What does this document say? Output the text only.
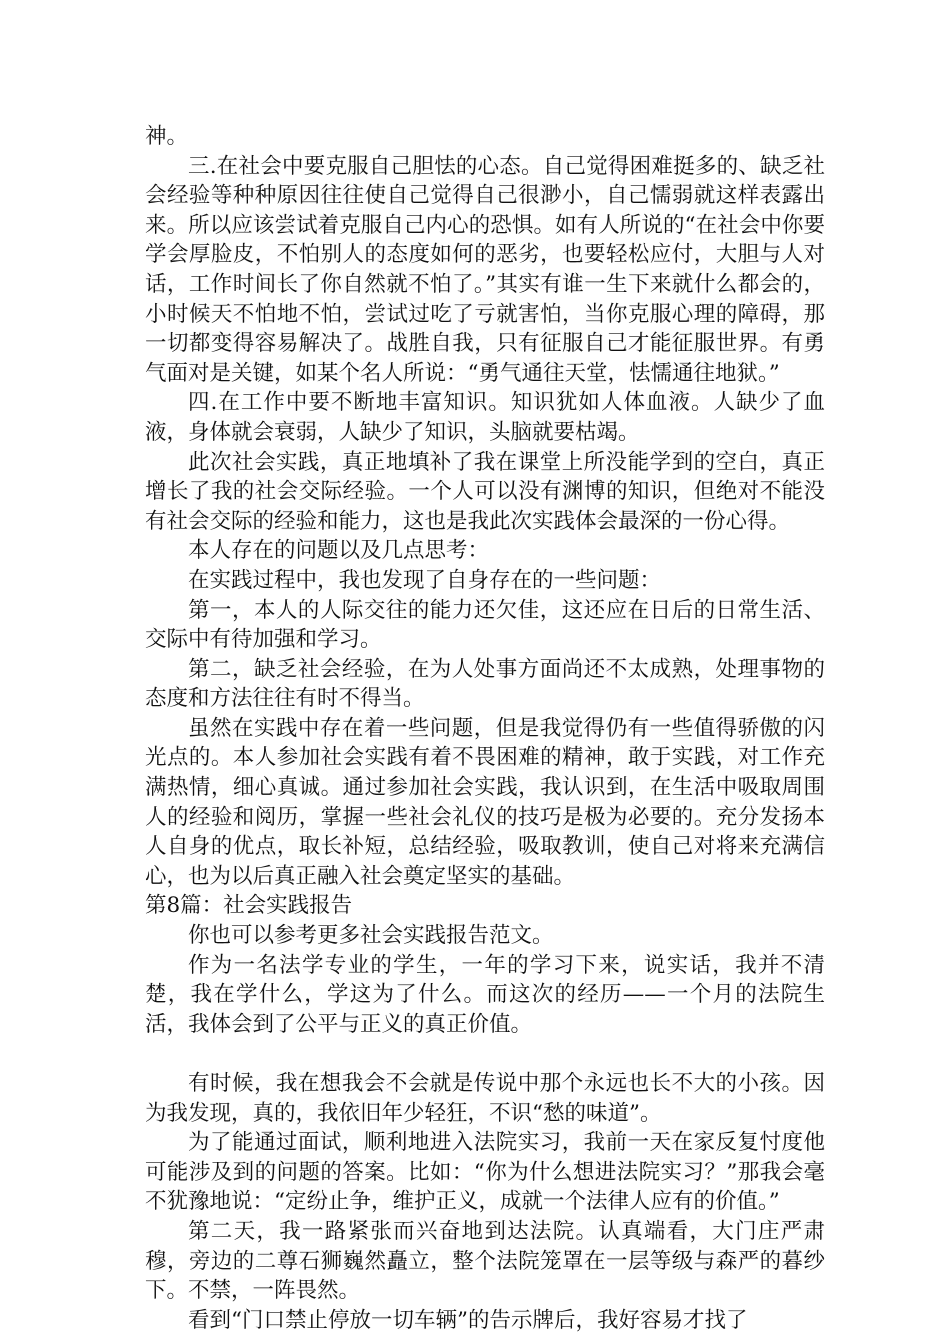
神。

三.在社会中要克服自己胆怯的心态。自己觉得困难挺多的、缺乏社会经验等种种原因往往使自己觉得自己很渺小，自己懦弱就这样表露出来。所以应该尝试着克服自己内心的恐惧。如有人所说的“在社会中你要学会厚脸皮，不怕别人的态度如何的恶劣，也要轻松应付，大胆与人对话，工作时间长了你自然就不怕了。”其实有谁一生下来就什么都会的，小时候天不怕地不怕，尝试过吃了亏就害怕，当你克服心理的障碍，那一切都变得容易解决了。战胜自我，只有征服自己才能征服世界。有勇气面对是关键，如某个名人所说：“勇气通往天堂，怯懦通往地狱。”

四.在工作中要不断地丰富知识。知识犹如人体血液。人缺少了血液，身体就会衰弱，人缺少了知识，头脑就要枯竭。

此次社会实践，真正地填补了我在课堂上所没能学到的空白，真正增长了我的社会交际经验。一个人可以没有渊博的知识，但绝对不能没有社会交际的经验和能力，这也是我此次实践体会最深的一份心得。

本人存在的问题以及几点思考：

在实践过程中，我也发现了自身存在的一些问题：

第一，本人的人际交往的能力还欠佳，这还应在日后的日常生活、交际中有待加强和学习。

第二，缺乏社会经验，在为人处事方面尚还不太成熟，处理事物的态度和方法往往有时不得当。

虽然在实践中存在着一些问题，但是我觉得仍有一些值得骄傲的闪光点的。本人参加社会实践有着不畏困难的精神，敢于实践，对工作充满热情，细心真诚。通过参加社会实践，我认识到，在生活中吸取周围人的经验和阅历，掌握一些社会礼仪的技巧是极为必要的。充分发扬本人自身的优点，取长补短，总结经验，吸取教训，使自己对将来充满信心，也为以后真正融入社会奠定坚实的基础。

第8篇：社会实践报告

你也可以参考更多社会实践报告范文。

作为一名法学专业的学生，一年的学习下来，说实话，我并不清楚，我在学什么，学这为了什么。而这次的经历——一个月的法院生活，我体会到了公平与正义的真正价值。

有时候，我在想我会不会就是传说中那个永远也长不大的小孩。因为我发现，真的，我依旧年少轻狂，不识“愁的味道”。

为了能通过面试，顺利地进入法院实习，我前一天在家反复忖度他可能涉及到的问题的答案。比如：“你为什么想进法院实习？”那我会毫不犹豫地说：“定纷止争，维护正义，成就一个法律人应有的价值。”

第二天，我一路紧张而兴奋地到达法院。认真端看，大门庄严肃穆，旁边的二尊石狮巍然矗立，整个法院笼罩在一层等级与森严的暮纱下。不禁，一阵畏然。

看到“门口禁止停放一切车辆”的告示牌后，我好容易才找了
